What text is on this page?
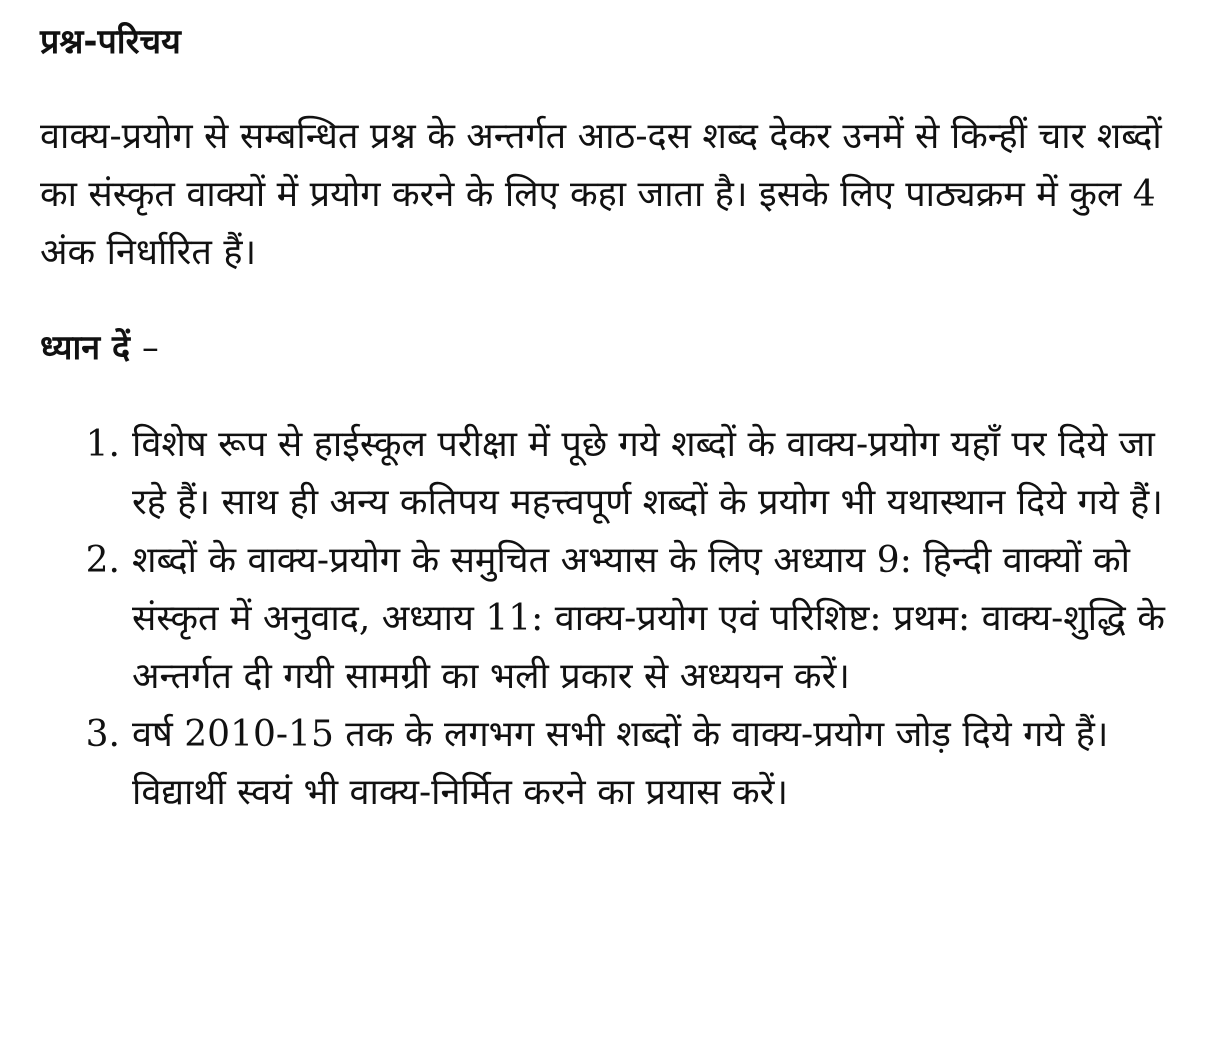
प्रश्न-परिचय

वाक्य-प्रयोग से सम्बन्धित प्रश्न के अन्तर्गत आठ-दस शब्द देकर उनमें से किन्हीं चार शब्दों का संस्कृत वाक्यों में प्रयोग करने के लिए कहा जाता है। इसके लिए पाठ्यक्रम में कुल 4 अंक निर्धारित हैं।

ध्यान दें –

1. विशेष रूप से हाईस्कूल परीक्षा में पूछे गये शब्दों के वाक्य-प्रयोग यहाँ पर दिये जा रहे हैं। साथ ही अन्य कतिपय महत्त्वपूर्ण शब्दों के प्रयोग भी यथास्थान दिये गये हैं।
2. शब्दों के वाक्य-प्रयोग के समुचित अभ्यास के लिए अध्याय 9: हिन्दी वाक्यों को संस्कृत में अनुवाद, अध्याय 11: वाक्य-प्रयोग एवं परिशिष्ट: प्रथम: वाक्य-शुद्धि के अन्तर्गत दी गयी सामग्री का भली प्रकार से अध्ययन करें।
3. वर्ष 2010-15 तक के लगभग सभी शब्दों के वाक्य-प्रयोग जोड़ दिये गये हैं। विद्यार्थी स्वयं भी वाक्य-निर्मित करने का प्रयास करें।
